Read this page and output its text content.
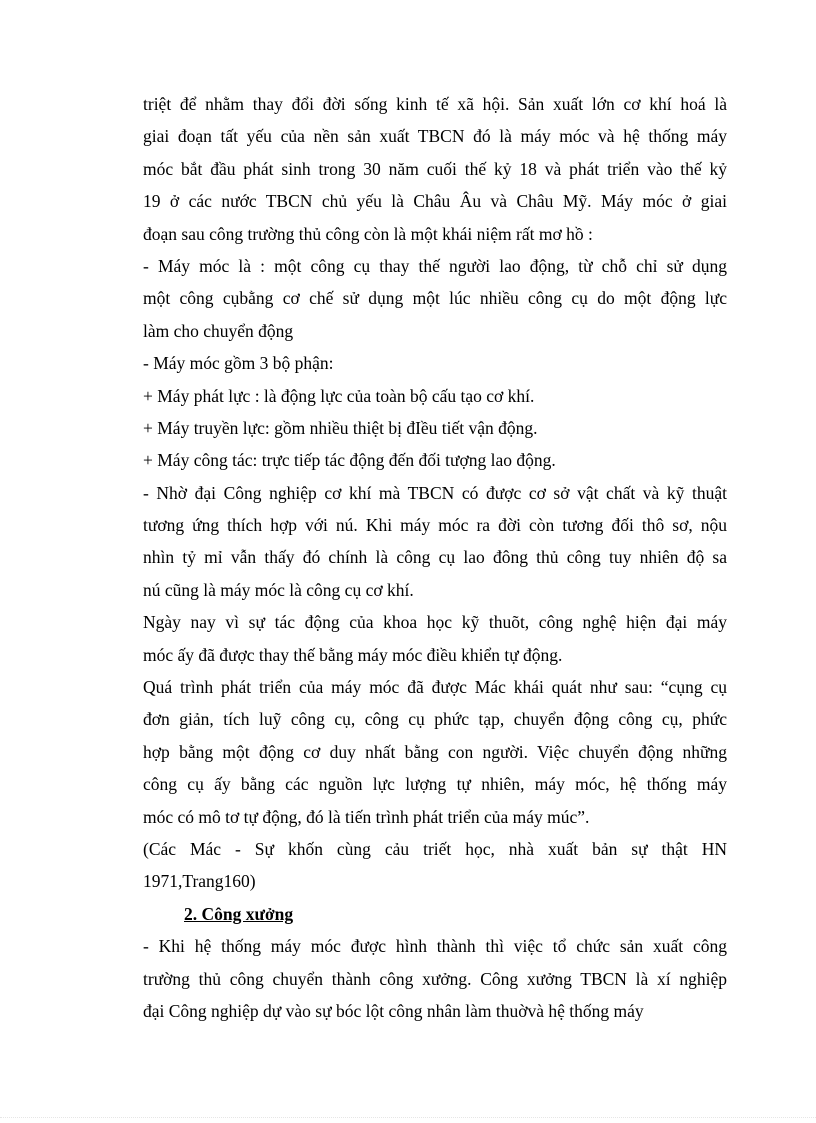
triệt để nhằm thay đổi đời sống kinh tế xã hội. Sản xuất lớn cơ khí hoá là
giai đoạn tất yếu của nền sản xuất TBCN đó là máy móc và hệ thống máy
móc bắt đầu phát sinh trong 30 năm cuối thế kỷ 18 và phát triển vào thế kỷ
19 ở các nước TBCN chủ yếu là Châu Âu và Châu Mỹ. Máy móc ở giai
đoạn sau công trường thủ công còn là một khái niệm rất mơ hồ :
- Máy móc là : một công cụ thay thế người lao động, từ chỗ chỉ sử dụng
một công cụbằng cơ chế sử dụng một lúc nhiều công cụ do một động lực
làm cho chuyển động
- Máy móc gồm 3 bộ phận:
+ Máy phát lực : là động lực của toàn bộ cấu tạo cơ khí.
+ Máy truyền lực: gồm nhiều thiệt bị đIều tiết vận động.
+ Máy công tác: trực tiếp tác động đến đối tượng lao động.
- Nhờ đại Công nghiệp cơ khí mà TBCN có được cơ sở vật chất và kỹ thuật
tương ứng thích hợp với nú. Khi máy móc ra đời còn tương đối thô sơ, nộu
nhìn tỷ mỉ vẫn thấy đó chính là công cụ lao đông thủ công tuy nhiên độ sa
nú cũng là máy móc là công cụ cơ khí.
Ngày nay vì sự tác động của khoa học kỹ thuõt, công nghệ hiện đại máy
móc ấy đã được thay thế bằng máy móc điều khiển tự động.
Quá trình phát triển của máy móc đã được Mác khái quát như sau: “cụng cụ
đơn giản, tích luỹ công cụ, công cụ phức tạp, chuyển động công cụ, phức
hợp bằng một động cơ duy nhất bằng con người. Việc chuyển động những
công cụ ấy bằng các nguồn lực lượng tự nhiên, máy móc, hệ thống máy
móc có mô tơ tự động, đó là tiến trình phát triển của máy múc”.
(Các Mác - Sự khốn cùng cảu triết học, nhà xuất bản sự thật HN
1971,Trang160)
2. Công xưởng
- Khi hệ thống máy móc được hình thành thì việc tổ chức sản xuất công
trường thủ công chuyển thành công xưởng. Công xưởng TBCN là xí nghiệp
đại Công nghiệp dự vào sự bóc lột công nhân làm thuờvà hệ thống máy
